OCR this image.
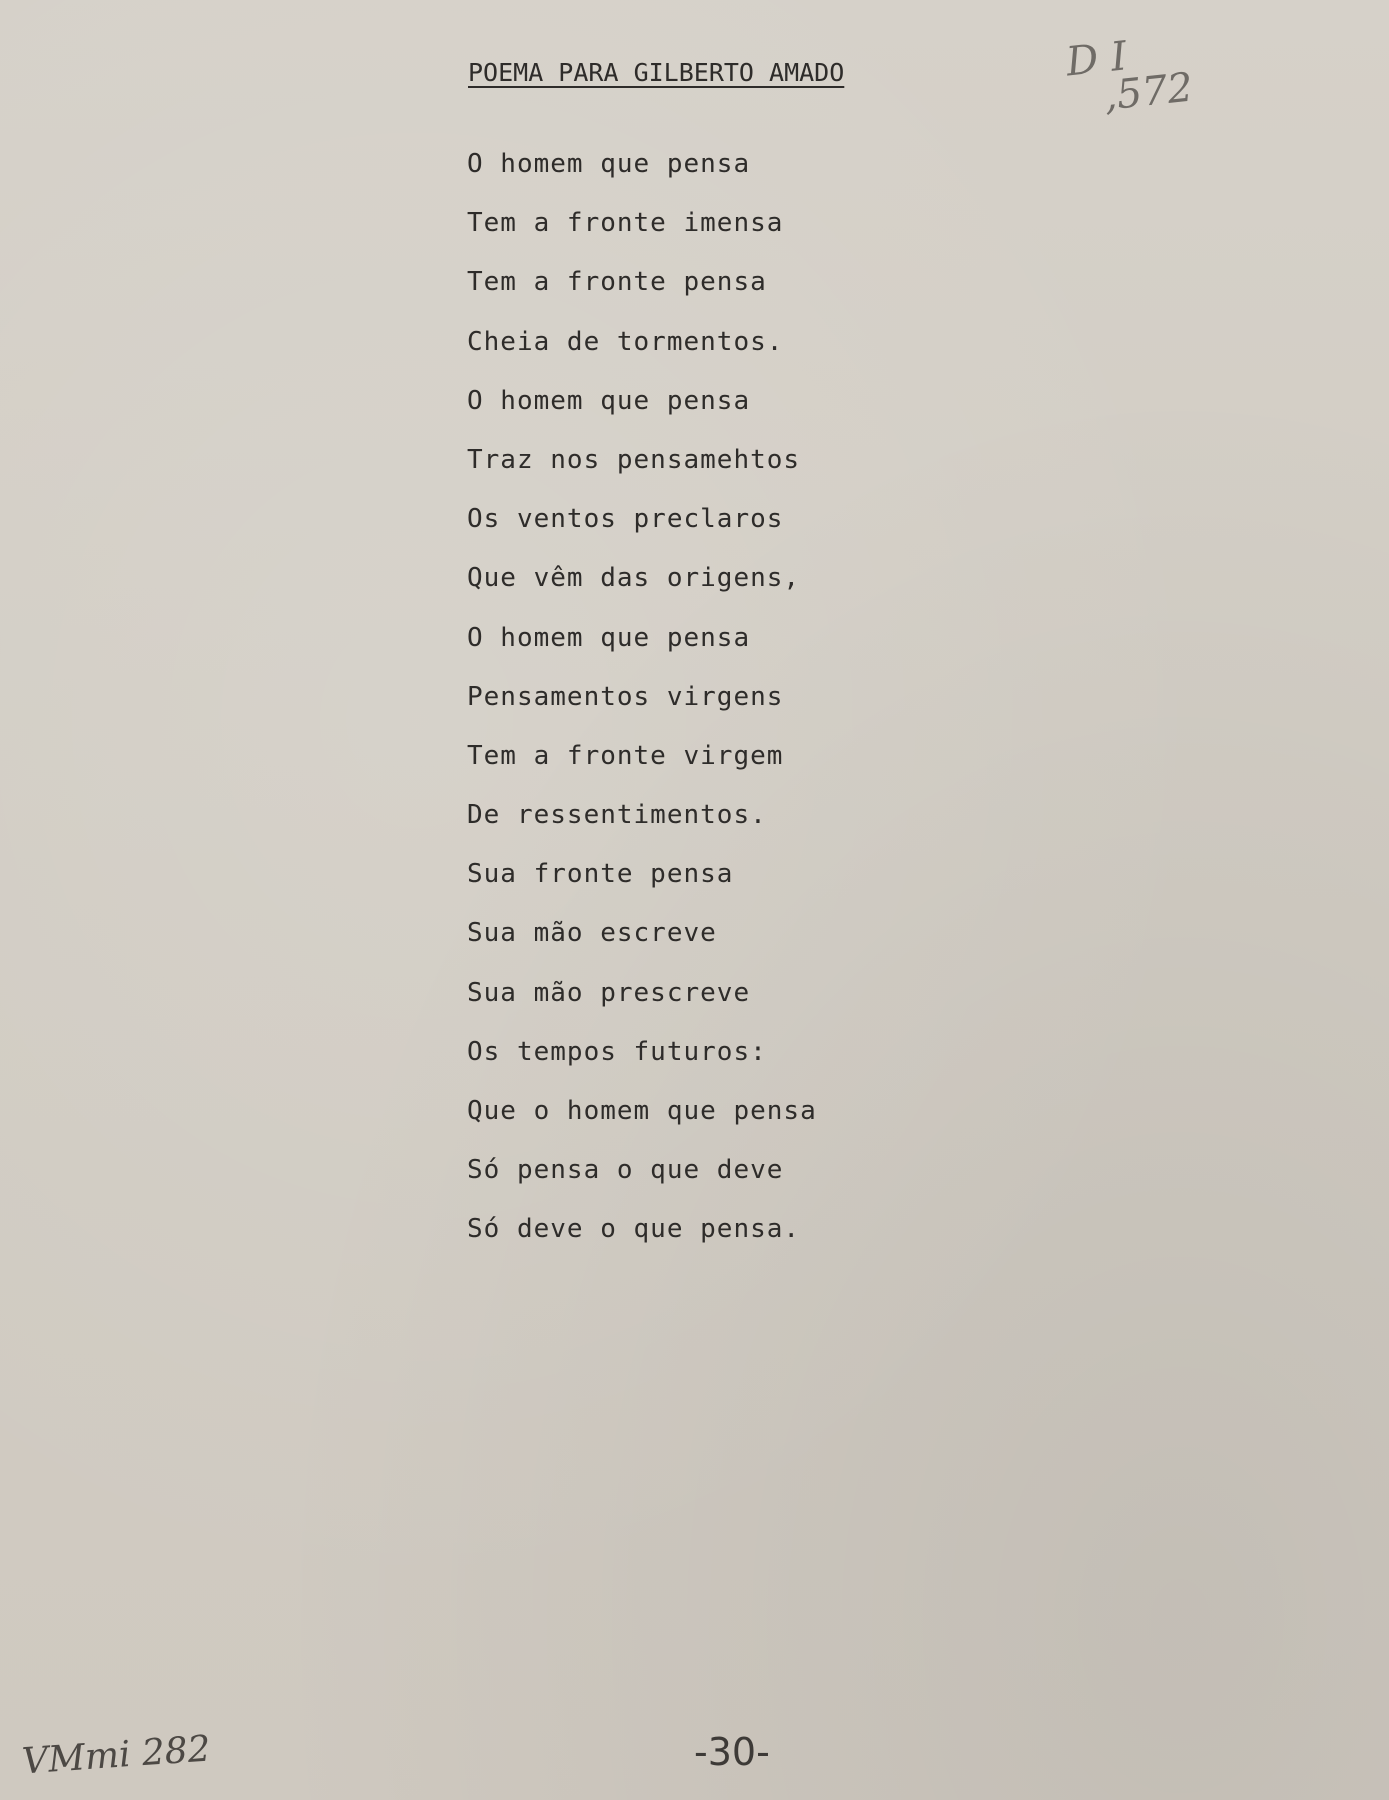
POEMA PARA GILBERTO AMADO	D I
,572
O homem que pensa
Tem a fronte imensa
Tem a fronte pensa
Cheia de tormentos.
O homem que pensa
Traz nos pensamehtos
Os ventos preclaros
Que vêm das origens,
O homem que pensa
Pensamentos virgens
Tem a fronte virgem
De ressentimentos.
Sua fronte pensa
Sua mão escreve
Sua mão prescreve
Os tempos futuros:
Que o homem que pensa
Só pensa o que deve
Só deve o que pensa.
-30-
VMmi 282
